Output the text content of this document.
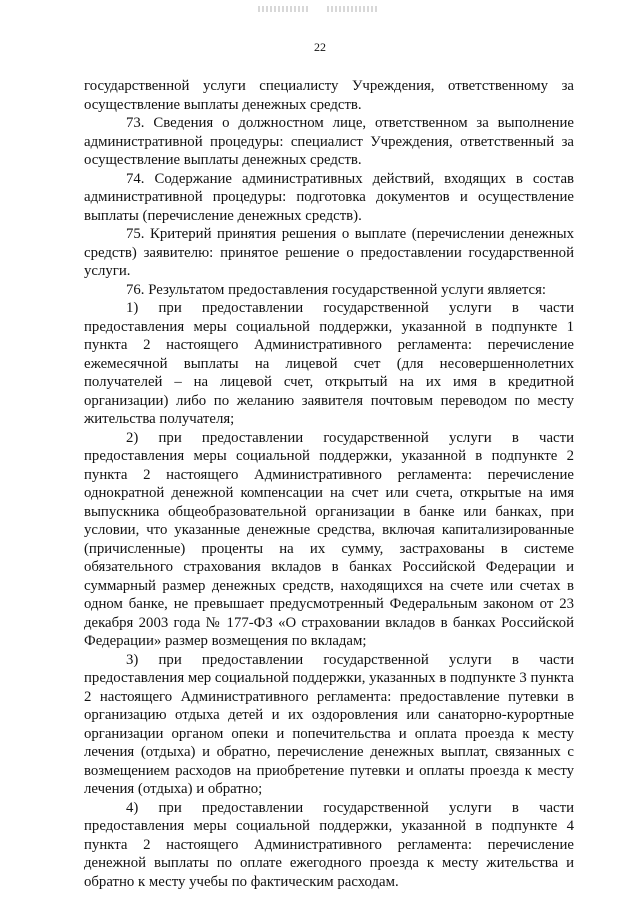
22

государственной услуги специалисту Учреждения, ответственному за осуществление выплаты денежных средств.

73. Сведения о должностном лице, ответственном за выполнение административной процедуры: специалист Учреждения, ответственный за осуществление выплаты денежных средств.

74. Содержание административных действий, входящих в состав административной процедуры: подготовка документов и осуществление выплаты (перечисление денежных средств).

75. Критерий принятия решения о выплате (перечислении денежных средств) заявителю: принятое решение о предоставлении государственной услуги.

76. Результатом предоставления государственной услуги является:

1) при предоставлении государственной услуги в части предоставления меры социальной поддержки, указанной в подпункте 1 пункта 2 настоящего Административного регламента: перечисление ежемесячной выплаты на лицевой счет (для несовершеннолетних получателей – на лицевой счет, открытый на их имя в кредитной организации) либо по желанию заявителя почтовым переводом по месту жительства получателя;

2) при предоставлении государственной услуги в части предоставления меры социальной поддержки, указанной в подпункте 2 пункта 2 настоящего Административного регламента: перечисление однократной денежной компенсации на счет или счета, открытые на имя выпускника общеобразовательной организации в банке или банках, при условии, что указанные денежные средства, включая капитализированные (причисленные) проценты на их сумму, застрахованы в системе обязательного страхования вкладов в банках Российской Федерации и суммарный размер денежных средств, находящихся на счете или счетах в одном банке, не превышает предусмотренный Федеральным законом от 23 декабря 2003 года № 177-ФЗ «О страховании вкладов в банках Российской Федерации» размер возмещения по вкладам;

3) при предоставлении государственной услуги в части предоставления мер социальной поддержки, указанных в подпункте 3 пункта 2 настоящего Административного регламента: предоставление путевки в организацию отдыха детей и их оздоровления или санаторно-курортные организации органом опеки и попечительства и оплата проезда к месту лечения (отдыха) и обратно, перечисление денежных выплат, связанных с возмещением расходов на приобретение путевки и оплаты проезда к месту лечения (отдыха) и обратно;

4) при предоставлении государственной услуги в части предоставления меры социальной поддержки, указанной в подпункте 4 пункта 2 настоящего Административного регламента: перечисление денежной выплаты по оплате ежегодного проезда к месту жительства и обратно к месту учебы по фактическим расходам.
